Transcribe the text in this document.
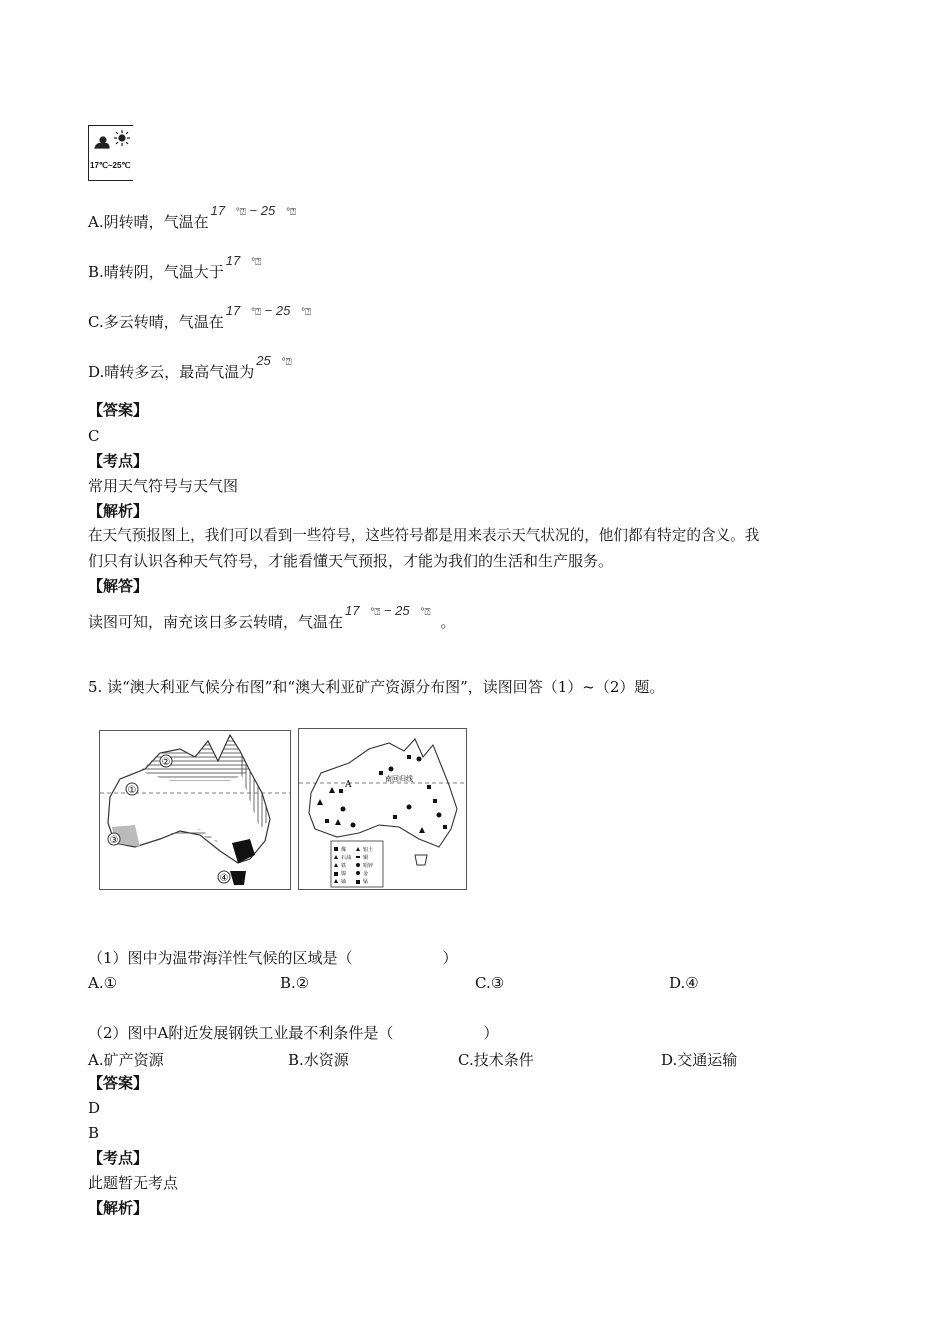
17℃~25℃
A.阴转晴，气温在17 °⍰ − 25 °⍰
B.晴转阴，气温大于17 °⍰
C.多云转晴，气温在17 °⍰ − 25 °⍰
D.晴转多云，最高气温为25 °⍰
【答案】
C
【考点】
常用天气符号与天气图
【解析】
在天气预报图上，我们可以看到一些符号，这些符号都是用来表示天气状况的，他们都有特定的含义。我
们只有认识各种天气符号，才能看懂天气预报，才能为我们的生活和生产服务。
【解答】
读图可知，南充该日多云转晴，气温在17 °⍰ − 25 °⍰。
5. 读“澳大利亚气候分布图”和“澳大利亚矿产资源分布图”，读图回答（1）~（2）题。
①
②
③
④
南回归线
A
煤	铝土
石油 铜
铁	铅锌
镍	金
铀	锰
（1）图中为温带海洋性气候的区域是（　　　　　　）
A.①	B.②	C.③	D.④
（2）图中A附近发展钢铁工业最不利条件是（　　　　　　）
A.矿产资源	B.水资源	C.技术条件	D.交通运输
【答案】
D
B
【考点】
此题暂无考点
【解析】
